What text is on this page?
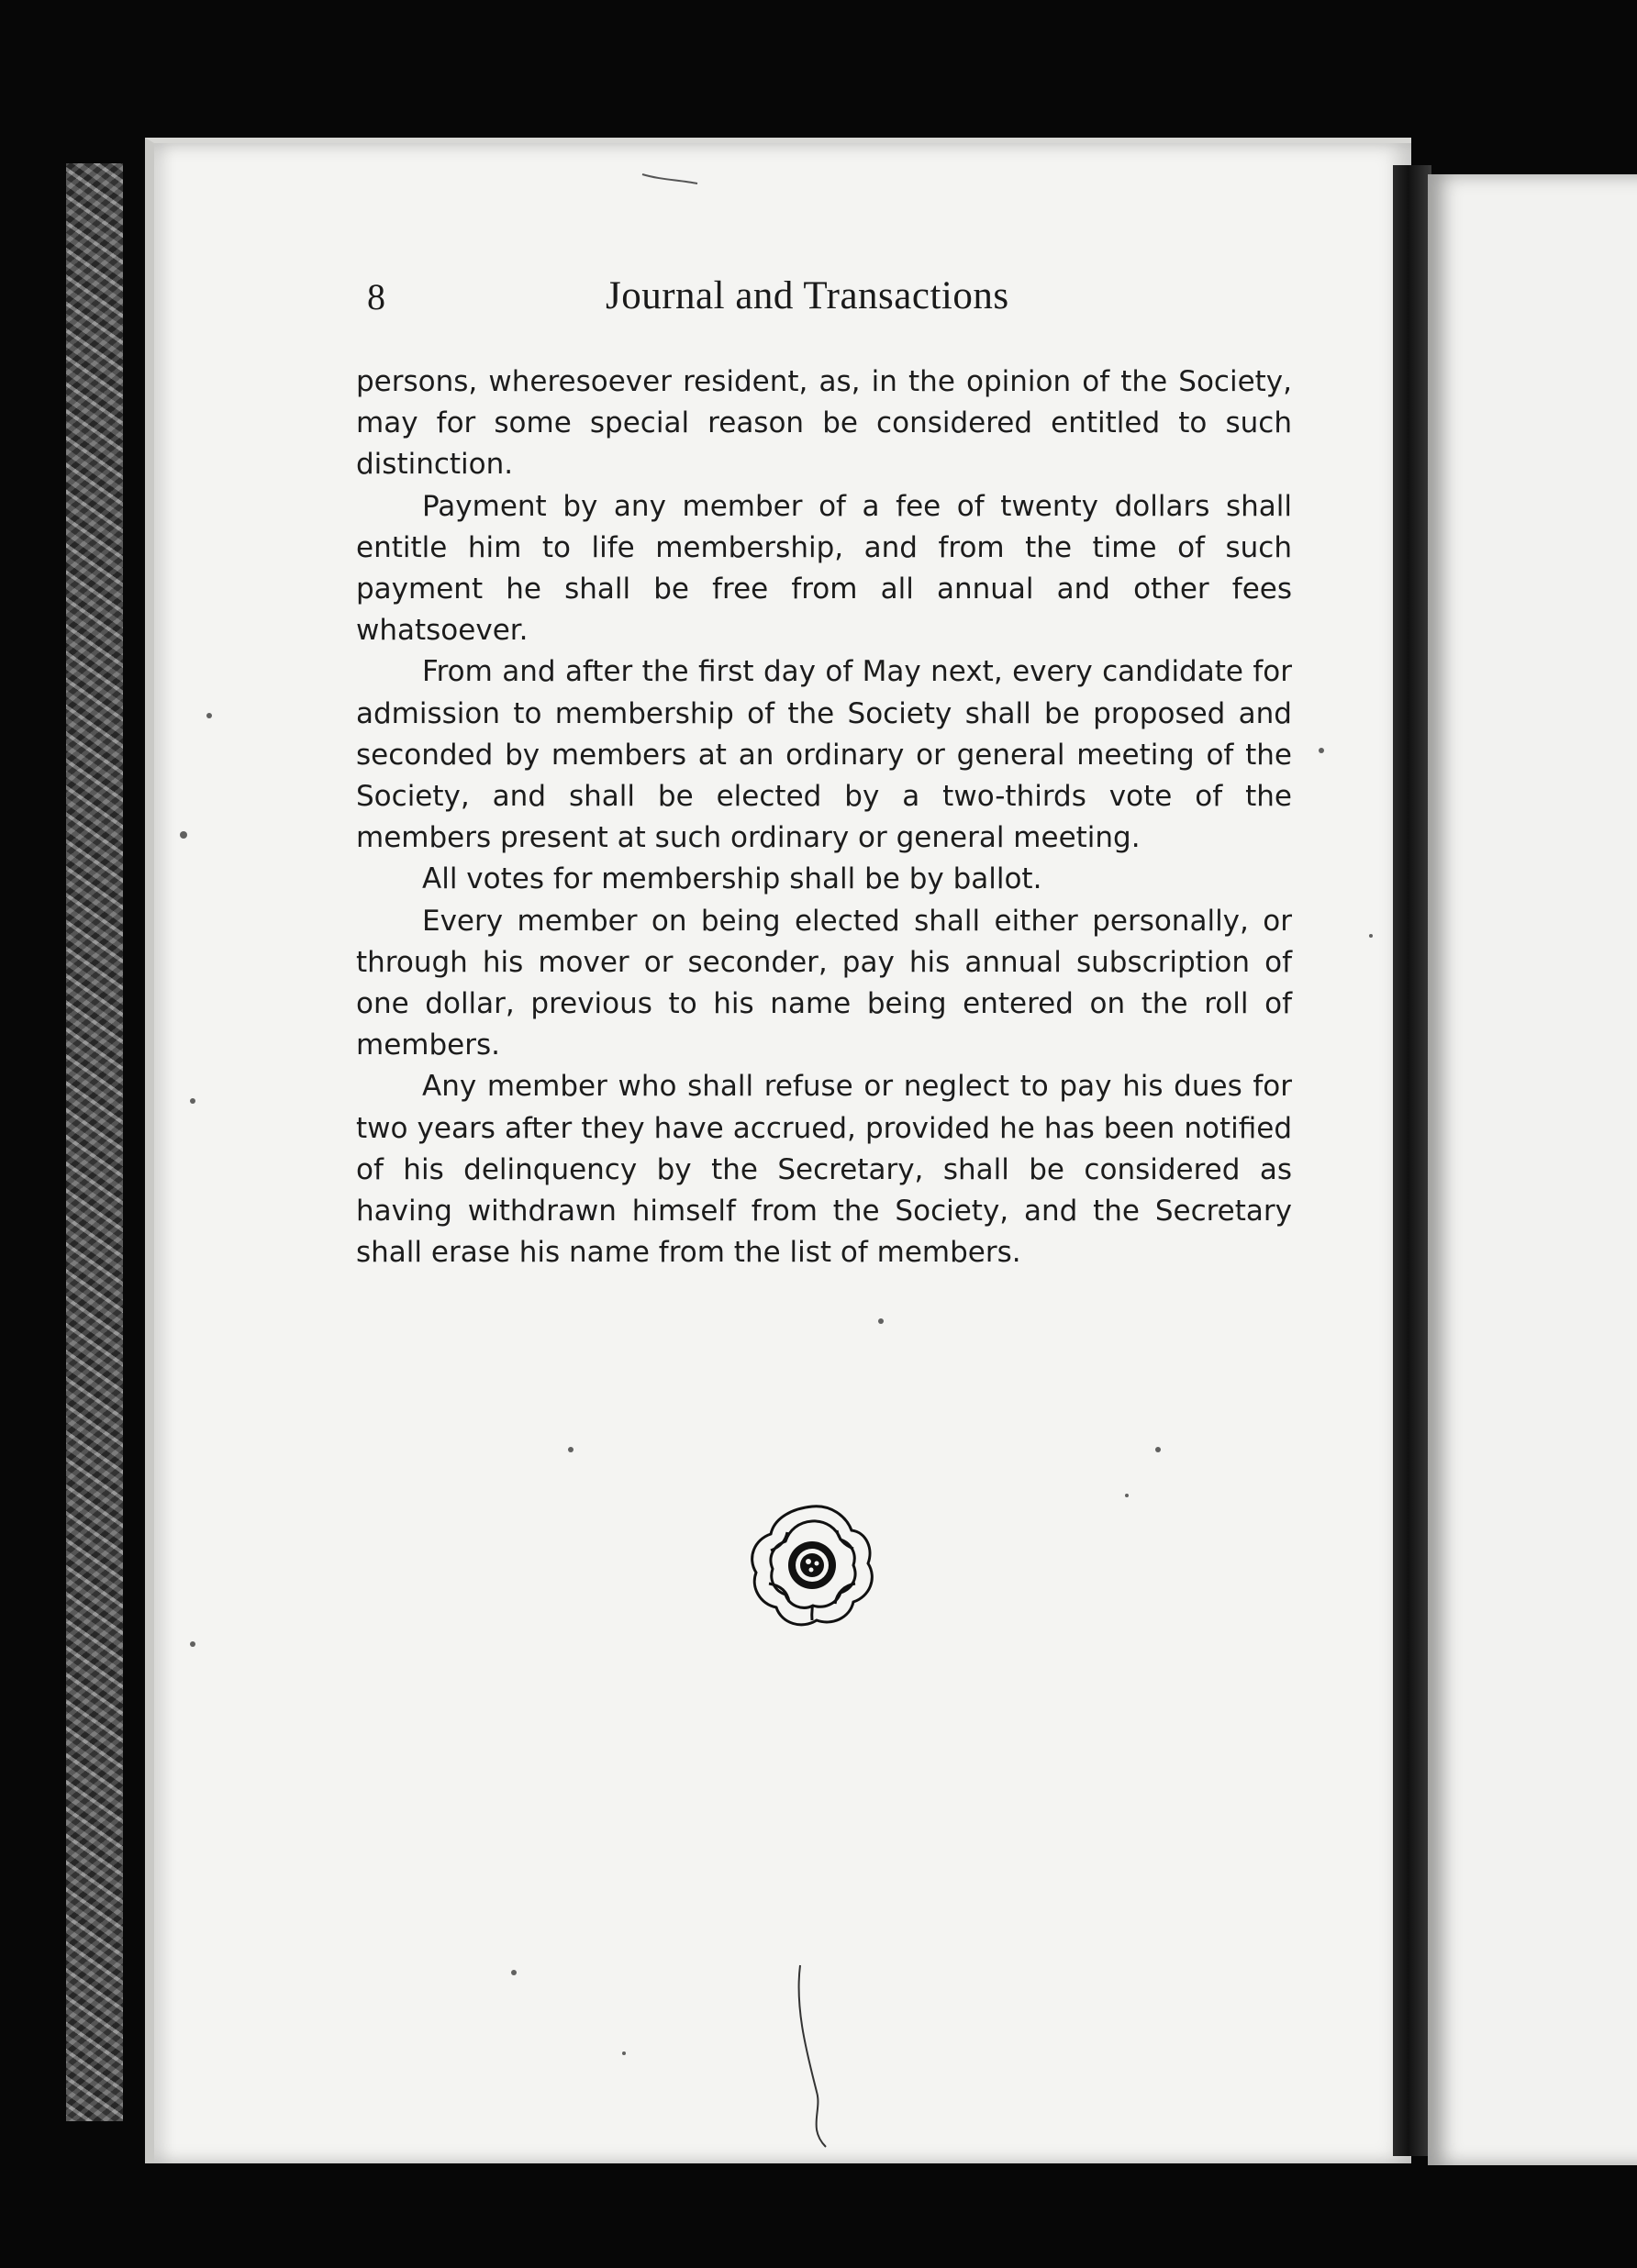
8	Journal and Transactions

persons, wheresoever resident, as, in the opinion of the Society, may for some special reason be considered entitled to such distinction.

Payment by any member of a fee of twenty dollars shall entitle him to life membership, and from the time of such payment he shall be free from all annual and other fees whatsoever.

From and after the first day of May next, every candidate for admission to membership of the Society shall be proposed and seconded by members at an ordinary or general meeting of the Society, and shall be elected by a two-thirds vote of the members present at such ordinary or general meeting.

All votes for membership shall be by ballot.

Every member on being elected shall either personally, or through his mover or seconder, pay his annual subscription of one dollar, previous to his name being entered on the roll of members.

Any member who shall refuse or neglect to pay his dues for two years after they have accrued, provided he has been notified of his delinquency by the Secretary, shall be considered as having withdrawn himself from the Society, and the Secretary shall erase his name from the list of members.
